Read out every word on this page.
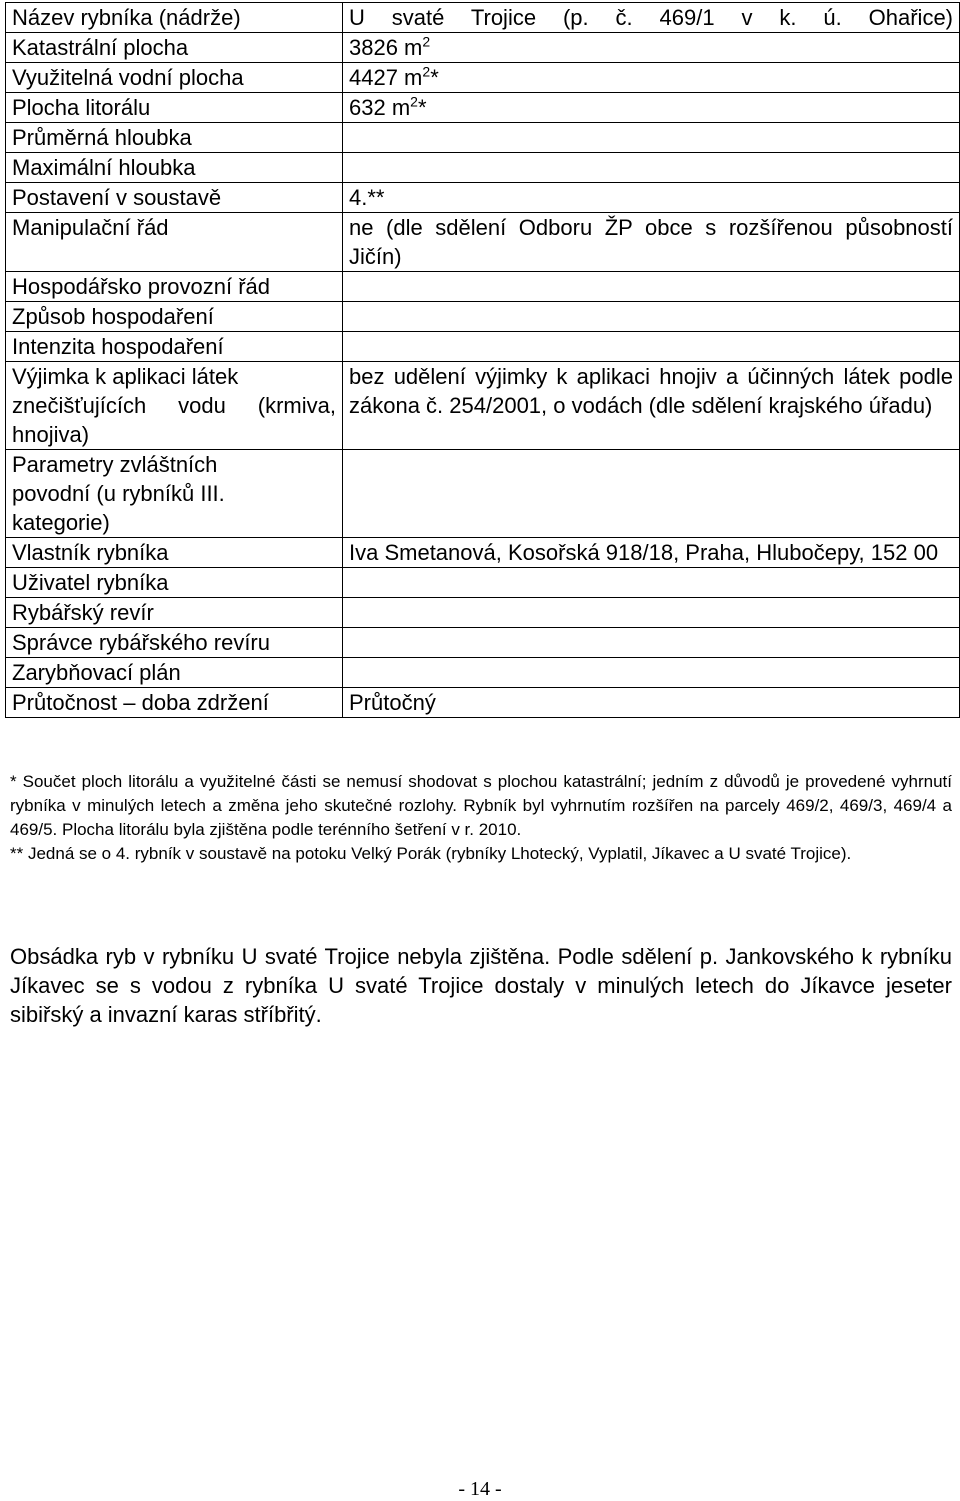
Název rybníka (nádrže)	U svaté Trojice (p. č. 469/1 v k. ú. Ohařice)
Katastrální plocha	3826 $m^2$
Využitelná vodní plocha	4427 $m^2*$
Plocha litorálu	632 $m^2*$
Průměrná hloubka	
Maximální hloubka	
Postavení v soustavě	4.**
Manipulační řád	ne (dle sdělení Odboru ŽP obce s rozšířenou působností Jičín)
Hospodářsko provozní řád	
Způsob hospodaření	
Intenzita hospodaření	

Výjimka k aplikaci látek
znečišťujících vodu (krmiva,
hnojiva)	bez udělení výjimky k aplikaci hnojiv a účinných látek podle zákona č. 254/2001, o vodách (dle sdělení krajského úřadu)

Parametry zvláštních
povodní (u rybníků III.
kategorie)	

Vlastník rybníka	Iva Smetanová, Kosořská 918/18, Praha, Hlubočepy, 152 00
Uživatel rybníka	
Rybářský revír	
Správce rybářského revíru	
Zarybňovací plán	
Průtočnost – doba zdržení	Průtočný

* Součet ploch litorálu a využitelné části se nemusí shodovat s plochou katastrální; jedním z důvodů je provedené vyhrnutí rybníka v minulých letech a změna jeho skutečné rozlohy. Rybník byl vyhrnutím rozšířen na parcely 469/2, 469/3, 469/4 a 469/5. Plocha litorálu byla zjištěna podle terénního šetření v r. 2010.

** Jedná se o 4. rybník v soustavě na potoku Velký Porák (rybníky Lhotecký, Vyplatil, Jíkavec a U svaté Trojice).

Obsádka ryb v rybníku U svaté Trojice nebyla zjištěna. Podle sdělení p. Jankovského k rybníku Jíkavec se s vodou z rybníka U svaté Trojice dostaly v minulých letech do Jíkavce jeseter sibiřský a invazní karas stříbřitý.

- 14 -
